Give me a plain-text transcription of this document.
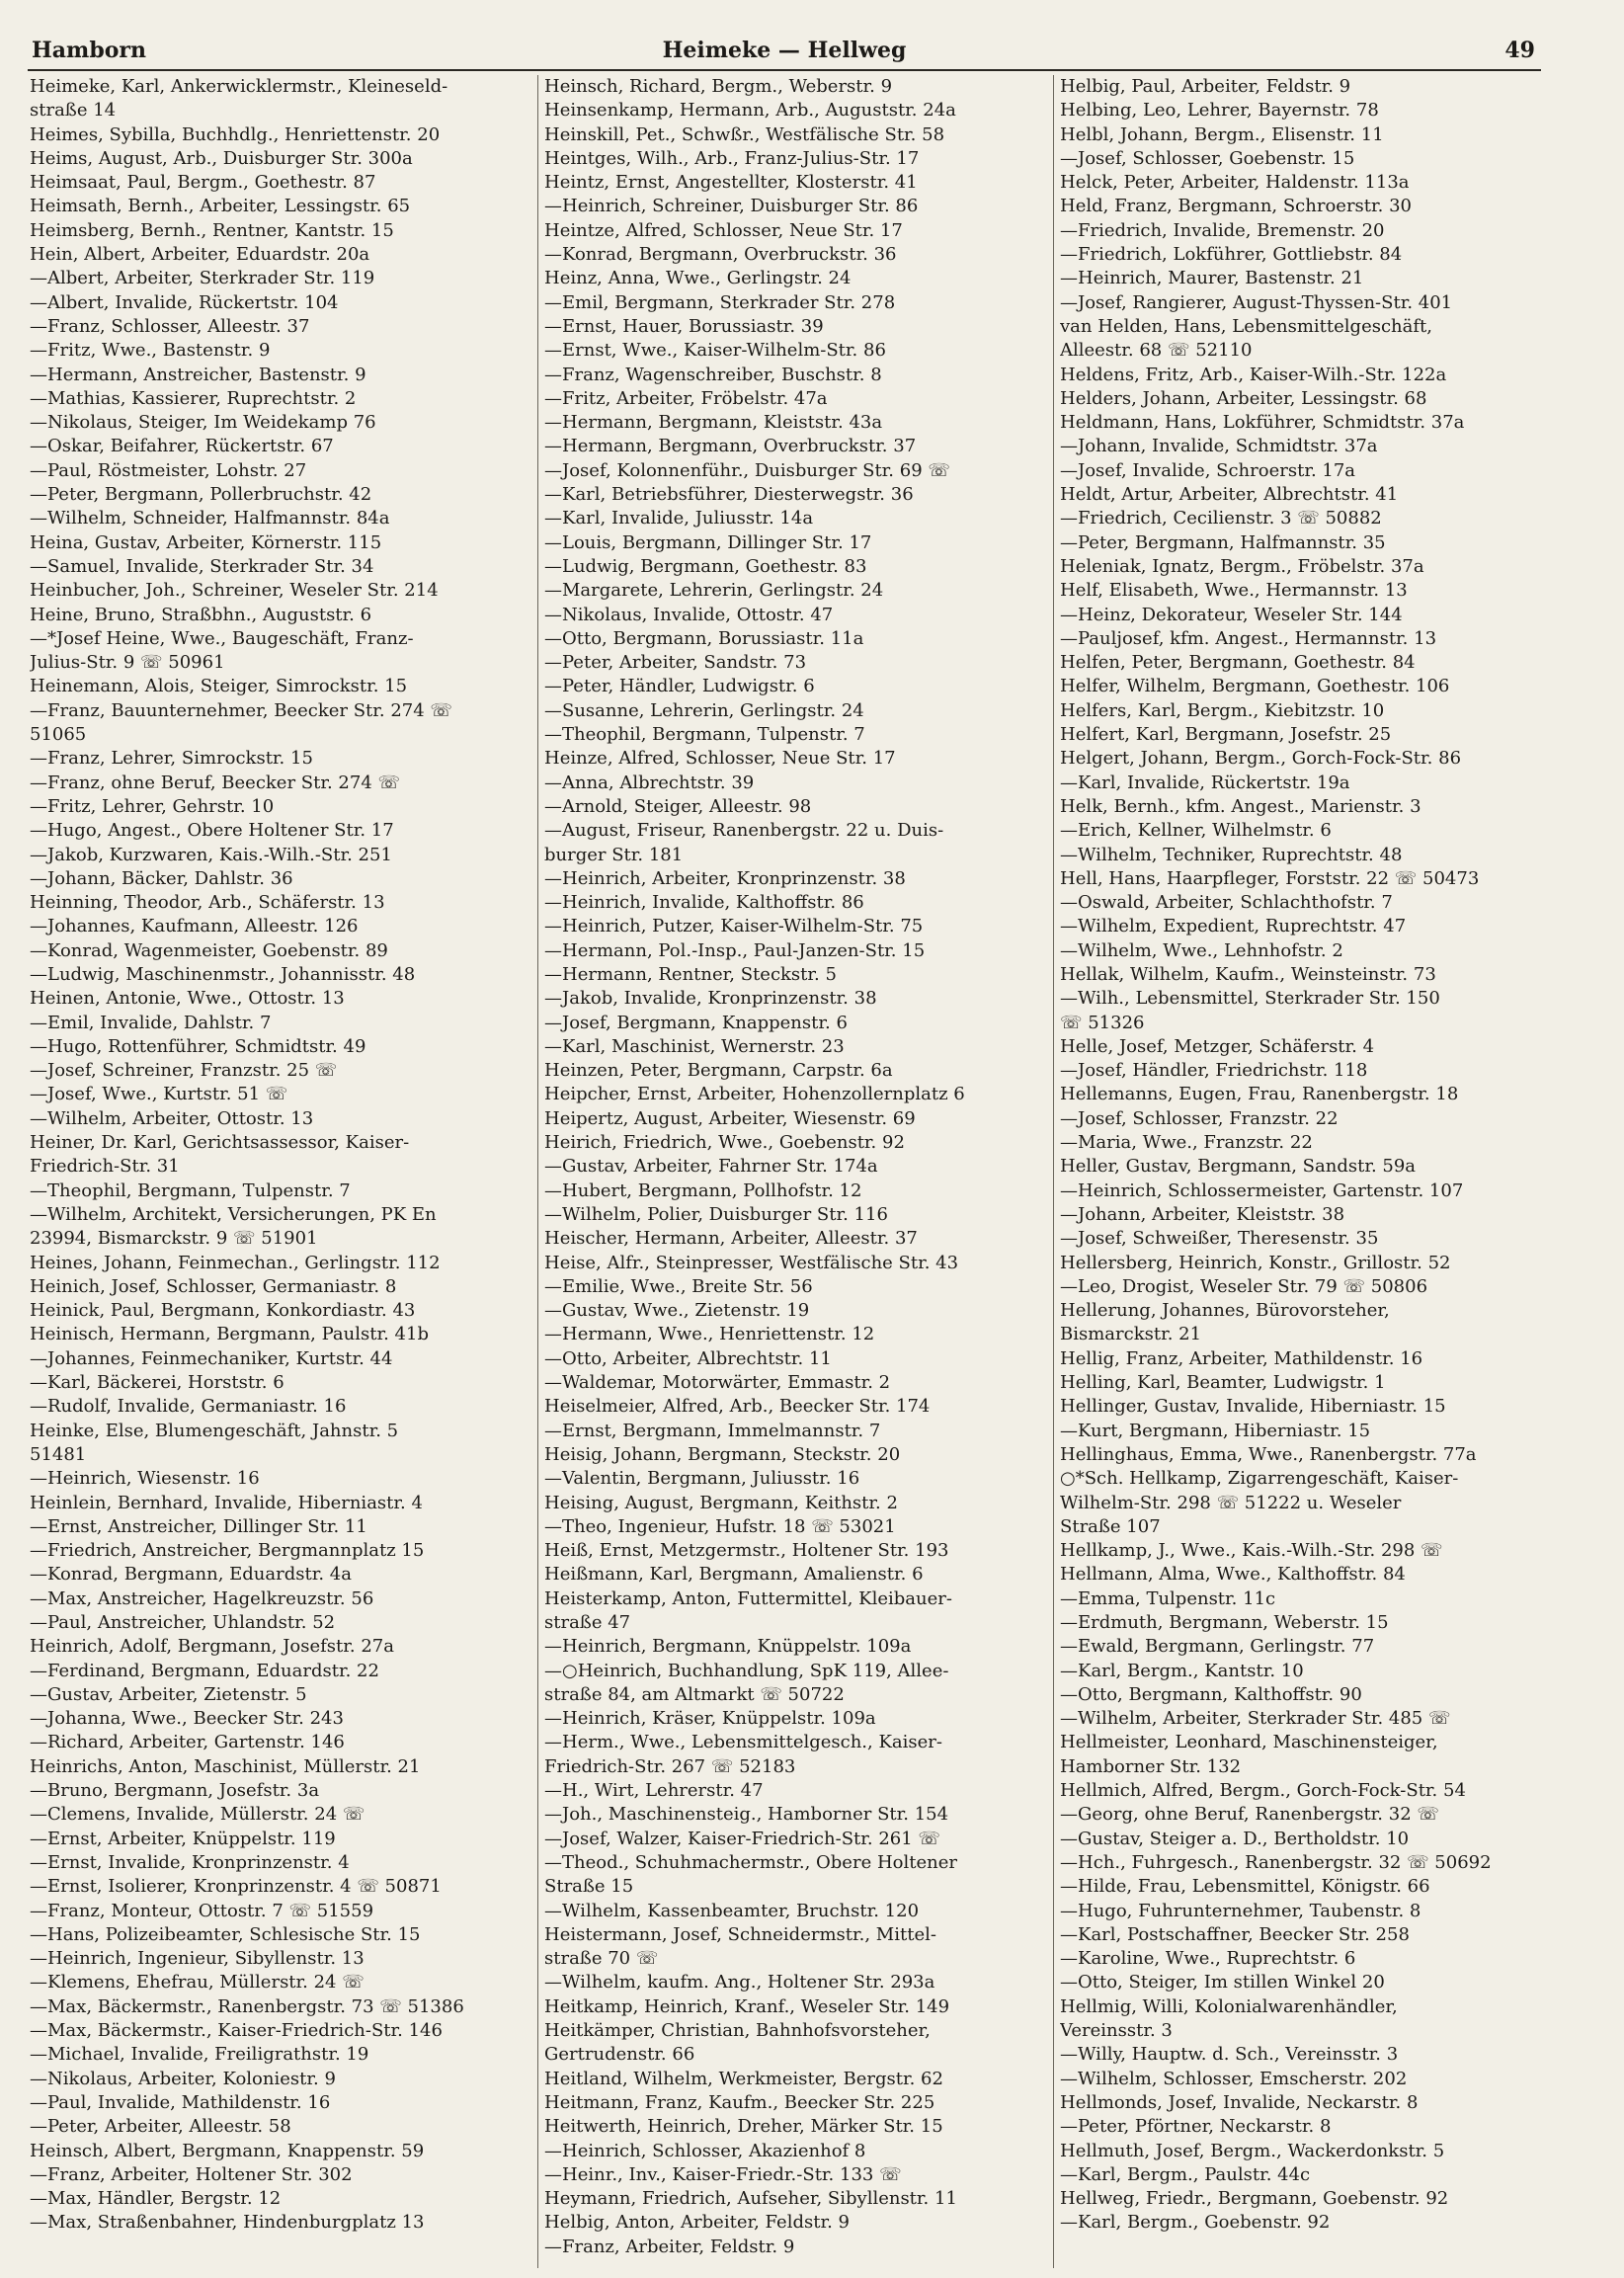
Heimeke — Hellweg
Hamborn	49
Heimeke, Karl, Ankerwicklermstr., Kleineseld-
straße 14
Heimes, Sybilla, Buchhdlg., Henriettenstr. 20
Heims, August, Arb., Duisburger Str. 300a
Heimsaat, Paul, Bergm., Goethestr. 87
Heimsath, Bernh., Arbeiter, Lessingstr. 65
Heimsberg, Bernh., Rentner, Kantstr. 15
Hein, Albert, Arbeiter, Eduardstr. 20a
—Albert, Arbeiter, Sterkrader Str. 119
—Albert, Invalide, Rückertstr. 104
—Franz, Schlosser, Alleestr. 37
—Fritz, Wwe., Bastenstr. 9
—Hermann, Anstreicher, Bastenstr. 9
—Mathias, Kassierer, Ruprechtstr. 2
—Nikolaus, Steiger, Im Weidekamp 76
—Oskar, Beifahrer, Rückertstr. 67
—Paul, Röstmeister, Lohstr. 27
—Peter, Bergmann, Pollerbruchstr. 42
—Wilhelm, Schneider, Halfmannstr. 84a
Heina, Gustav, Arbeiter, Körnerstr. 115
—Samuel, Invalide, Sterkrader Str. 34
Heinbucher, Joh., Schreiner, Weseler Str. 214
Heine, Bruno, Straßbhn., Auguststr. 6
—*Josef Heine, Wwe., Baugeschäft, Franz-
Julius-Str. 9 ☏ 50961
Heinemann, Alois, Steiger, Simrockstr. 15
—Franz, Bauunternehmer, Beecker Str. 274 ☏
51065
—Franz, Lehrer, Simrockstr. 15
—Franz, ohne Beruf, Beecker Str. 274 ☏
—Fritz, Lehrer, Gehrstr. 10
—Hugo, Angest., Obere Holtener Str. 17
—Jakob, Kurzwaren, Kais.-Wilh.-Str. 251
—Johann, Bäcker, Dahlstr. 36
Heinning, Theodor, Arb., Schäferstr. 13
—Johannes, Kaufmann, Alleestr. 126
—Konrad, Wagenmeister, Goebenstr. 89
—Ludwig, Maschinenmstr., Johannisstr. 48
Heinen, Antonie, Wwe., Ottostr. 13
—Emil, Invalide, Dahlstr. 7
—Hugo, Rottenführer, Schmidtstr. 49
—Josef, Schreiner, Franzstr. 25 ☏
—Josef, Wwe., Kurtstr. 51 ☏
—Wilhelm, Arbeiter, Ottostr. 13
Heiner, Dr. Karl, Gerichtsassessor, Kaiser-
Friedrich-Str. 31
—Theophil, Bergmann, Tulpenstr. 7
—Wilhelm, Architekt, Versicherungen, PK En
23994, Bismarckstr. 9 ☏ 51901
Heines, Johann, Feinmechan., Gerlingstr. 112
Heinich, Josef, Schlosser, Germaniastr. 8
Heinick, Paul, Bergmann, Konkordiastr. 43
Heinisch, Hermann, Bergmann, Paulstr. 41b
—Johannes, Feinmechaniker, Kurtstr. 44
—Karl, Bäckerei, Horststr. 6
—Rudolf, Invalide, Germaniastr. 16
Heinke, Else, Blumengeschäft, Jahnstr. 5
51481
—Heinrich, Wiesenstr. 16
Heinlein, Bernhard, Invalide, Hiberniastr. 4
—Ernst, Anstreicher, Dillinger Str. 11
—Friedrich, Anstreicher, Bergmannplatz 15
—Konrad, Bergmann, Eduardstr. 4a
—Max, Anstreicher, Hagelkreuzstr. 56
—Paul, Anstreicher, Uhlandstr. 52
Heinrich, Adolf, Bergmann, Josefstr. 27a
—Ferdinand, Bergmann, Eduardstr. 22
—Gustav, Arbeiter, Zietenstr. 5
—Johanna, Wwe., Beecker Str. 243
—Richard, Arbeiter, Gartenstr. 146
Heinrichs, Anton, Maschinist, Müllerstr. 21
—Bruno, Bergmann, Josefstr. 3a
—Clemens, Invalide, Müllerstr. 24 ☏
—Ernst, Arbeiter, Knüppelstr. 119
—Ernst, Invalide, Kronprinzenstr. 4
—Ernst, Isolierer, Kronprinzenstr. 4 ☏ 50871
—Franz, Monteur, Ottostr. 7 ☏ 51559
—Hans, Polizeibeamter, Schlesische Str. 15
—Heinrich, Ingenieur, Sibyllenstr. 13
—Klemens, Ehefrau, Müllerstr. 24 ☏
—Max, Bäckermstr., Ranenbergstr. 73 ☏ 51386
—Max, Bäckermstr., Kaiser-Friedrich-Str. 146
—Michael, Invalide, Freiligrathstr. 19
—Nikolaus, Arbeiter, Koloniestr. 9
—Paul, Invalide, Mathildenstr. 16
—Peter, Arbeiter, Alleestr. 58
Heinsch, Albert, Bergmann, Knappenstr. 59
—Franz, Arbeiter, Holtener Str. 302
—Max, Händler, Bergstr. 12
—Max, Straßenbahner, Hindenburgplatz 13
Heinsch, Richard, Bergm., Weberstr. 9
Heinsenkamp, Hermann, Arb., Auguststr. 24a
Heinskill, Pet., Schwßr., Westfälische Str. 58
Heintges, Wilh., Arb., Franz-Julius-Str. 17
Heintz, Ernst, Angestellter, Klosterstr. 41
—Heinrich, Schreiner, Duisburger Str. 86
Heintze, Alfred, Schlosser, Neue Str. 17
—Konrad, Bergmann, Overbruckstr. 36
Heinz, Anna, Wwe., Gerlingstr. 24
—Emil, Bergmann, Sterkrader Str. 278
—Ernst, Hauer, Borussiastr. 39
—Ernst, Wwe., Kaiser-Wilhelm-Str. 86
—Franz, Wagenschreiber, Buschstr. 8
—Fritz, Arbeiter, Fröbelstr. 47a
—Hermann, Bergmann, Kleiststr. 43a
—Hermann, Bergmann, Overbruckstr. 37
—Josef, Kolonnenführ., Duisburger Str. 69 ☏
—Karl, Betriebsführer, Diesterwegstr. 36
—Karl, Invalide, Juliusstr. 14a
—Louis, Bergmann, Dillinger Str. 17
—Ludwig, Bergmann, Goethestr. 83
—Margarete, Lehrerin, Gerlingstr. 24
—Nikolaus, Invalide, Ottostr. 47
—Otto, Bergmann, Borussiastr. 11a
—Peter, Arbeiter, Sandstr. 73
—Peter, Händler, Ludwigstr. 6
—Susanne, Lehrerin, Gerlingstr. 24
—Theophil, Bergmann, Tulpenstr. 7
Heinze, Alfred, Schlosser, Neue Str. 17
—Anna, Albrechtstr. 39
—Arnold, Steiger, Alleestr. 98
—August, Friseur, Ranenbergstr. 22 u. Duis-
burger Str. 181
—Heinrich, Arbeiter, Kronprinzenstr. 38
—Heinrich, Invalide, Kalthoffstr. 86
—Heinrich, Putzer, Kaiser-Wilhelm-Str. 75
—Hermann, Pol.-Insp., Paul-Janzen-Str. 15
—Hermann, Rentner, Steckstr. 5
—Jakob, Invalide, Kronprinzenstr. 38
—Josef, Bergmann, Knappenstr. 6
—Karl, Maschinist, Wernerstr. 23
Heinzen, Peter, Bergmann, Carpstr. 6a
Heipcher, Ernst, Arbeiter, Hohenzollernplatz 6
Heipertz, August, Arbeiter, Wiesenstr. 69
Heirich, Friedrich, Wwe., Goebenstr. 92
—Gustav, Arbeiter, Fahrner Str. 174a
—Hubert, Bergmann, Pollhofstr. 12
—Wilhelm, Polier, Duisburger Str. 116
Heischer, Hermann, Arbeiter, Alleestr. 37
Heise, Alfr., Steinpresser, Westfälische Str. 43
—Emilie, Wwe., Breite Str. 56
—Gustav, Wwe., Zietenstr. 19
—Hermann, Wwe., Henriettenstr. 12
—Otto, Arbeiter, Albrechtstr. 11
—Waldemar, Motorwärter, Emmastr. 2
Heiselmeier, Alfred, Arb., Beecker Str. 174
—Ernst, Bergmann, Immelmannstr. 7
Heisig, Johann, Bergmann, Steckstr. 20
—Valentin, Bergmann, Juliusstr. 16
Heising, August, Bergmann, Keithstr. 2
—Theo, Ingenieur, Hufstr. 18 ☏ 53021
Heiß, Ernst, Metzgermstr., Holtener Str. 193
Heißmann, Karl, Bergmann, Amalienstr. 6
Heisterkamp, Anton, Futtermittel, Kleibauer-
straße 47
—Heinrich, Bergmann, Knüppelstr. 109a
—○Heinrich, Buchhandlung, SpK 119, Allee-
straße 84, am Altmarkt ☏ 50722
—Heinrich, Kräser, Knüppelstr. 109a
—Herm., Wwe., Lebensmittelgesch., Kaiser-
Friedrich-Str. 267 ☏ 52183
—H., Wirt, Lehrerstr. 47
—Joh., Maschinensteig., Hamborner Str. 154
—Josef, Walzer, Kaiser-Friedrich-Str. 261 ☏
—Theod., Schuhmachermstr., Obere Holtener
Straße 15
—Wilhelm, Kassenbeamter, Bruchstr. 120
Heistermann, Josef, Schneidermstr., Mittel-
straße 70 ☏
—Wilhelm, kaufm. Ang., Holtener Str. 293a
Heitkamp, Heinrich, Kranf., Weseler Str. 149
Heitkämper, Christian, Bahnhofsvorsteher,
Gertrudenstr. 66
Heitland, Wilhelm, Werkmeister, Bergstr. 62
Heitmann, Franz, Kaufm., Beecker Str. 225
Heitwerth, Heinrich, Dreher, Märker Str. 15
—Heinrich, Schlosser, Akazienhof 8
—Heinr., Inv., Kaiser-Friedr.-Str. 133 ☏
Heymann, Friedrich, Aufseher, Sibyllenstr. 11
Helbig, Anton, Arbeiter, Feldstr. 9
—Franz, Arbeiter, Feldstr. 9
Helbig, Paul, Arbeiter, Feldstr. 9
Helbing, Leo, Lehrer, Bayernstr. 78
Helbl, Johann, Bergm., Elisenstr. 11
—Josef, Schlosser, Goebenstr. 15
Helck, Peter, Arbeiter, Haldenstr. 113a
Held, Franz, Bergmann, Schroerstr. 30
—Friedrich, Invalide, Bremenstr. 20
—Friedrich, Lokführer, Gottliebstr. 84
—Heinrich, Maurer, Bastenstr. 21
—Josef, Rangierer, August-Thyssen-Str. 401
van Helden, Hans, Lebensmittelgeschäft,
Alleestr. 68 ☏ 52110
Heldens, Fritz, Arb., Kaiser-Wilh.-Str. 122a
Helders, Johann, Arbeiter, Lessingstr. 68
Heldmann, Hans, Lokführer, Schmidtstr. 37a
—Johann, Invalide, Schmidtstr. 37a
—Josef, Invalide, Schroerstr. 17a
Heldt, Artur, Arbeiter, Albrechtstr. 41
—Friedrich, Cecilienstr. 3 ☏ 50882
—Peter, Bergmann, Halfmannstr. 35
Heleniak, Ignatz, Bergm., Fröbelstr. 37a
Helf, Elisabeth, Wwe., Hermannstr. 13
—Heinz, Dekorateur, Weseler Str. 144
—Pauljosef, kfm. Angest., Hermannstr. 13
Helfen, Peter, Bergmann, Goethestr. 84
Helfer, Wilhelm, Bergmann, Goethestr. 106
Helfers, Karl, Bergm., Kiebitzstr. 10
Helfert, Karl, Bergmann, Josefstr. 25
Helgert, Johann, Bergm., Gorch-Fock-Str. 86
—Karl, Invalide, Rückertstr. 19a
Helk, Bernh., kfm. Angest., Marienstr. 3
—Erich, Kellner, Wilhelmstr. 6
—Wilhelm, Techniker, Ruprechtstr. 48
Hell, Hans, Haarpfleger, Forststr. 22 ☏ 50473
—Oswald, Arbeiter, Schlachthofstr. 7
—Wilhelm, Expedient, Ruprechtstr. 47
—Wilhelm, Wwe., Lehnhofstr. 2
Hellak, Wilhelm, Kaufm., Weinsteinstr. 73
—Wilh., Lebensmittel, Sterkrader Str. 150
☏ 51326
Helle, Josef, Metzger, Schäferstr. 4
—Josef, Händler, Friedrichstr. 118
Hellemanns, Eugen, Frau, Ranenbergstr. 18
—Josef, Schlosser, Franzstr. 22
—Maria, Wwe., Franzstr. 22
Heller, Gustav, Bergmann, Sandstr. 59a
—Heinrich, Schlossermeister, Gartenstr. 107
—Johann, Arbeiter, Kleiststr. 38
—Josef, Schweißer, Theresenstr. 35
Hellersberg, Heinrich, Konstr., Grillostr. 52
—Leo, Drogist, Weseler Str. 79 ☏ 50806
Hellerung, Johannes, Bürovorsteher,
Bismarckstr. 21
Hellig, Franz, Arbeiter, Mathildenstr. 16
Helling, Karl, Beamter, Ludwigstr. 1
Hellinger, Gustav, Invalide, Hiberniastr. 15
—Kurt, Bergmann, Hiberniastr. 15
Hellinghaus, Emma, Wwe., Ranenbergstr. 77a
○*Sch. Hellkamp, Zigarrengeschäft, Kaiser-
Wilhelm-Str. 298 ☏ 51222 u. Weseler
Straße 107
Hellkamp, J., Wwe., Kais.-Wilh.-Str. 298 ☏
Hellmann, Alma, Wwe., Kalthoffstr. 84
—Emma, Tulpenstr. 11c
—Erdmuth, Bergmann, Weberstr. 15
—Ewald, Bergmann, Gerlingstr. 77
—Karl, Bergm., Kantstr. 10
—Otto, Bergmann, Kalthoffstr. 90
—Wilhelm, Arbeiter, Sterkrader Str. 485 ☏
Hellmeister, Leonhard, Maschinensteiger,
Hamborner Str. 132
Hellmich, Alfred, Bergm., Gorch-Fock-Str. 54
—Georg, ohne Beruf, Ranenbergstr. 32 ☏
—Gustav, Steiger a. D., Bertholdstr. 10
—Hch., Fuhrgesch., Ranenbergstr. 32 ☏ 50692
—Hilde, Frau, Lebensmittel, Königstr. 66
—Hugo, Fuhrunternehmer, Taubenstr. 8
—Karl, Postschaffner, Beecker Str. 258
—Karoline, Wwe., Ruprechtstr. 6
—Otto, Steiger, Im stillen Winkel 20
Hellmig, Willi, Kolonialwarenhändler,
Vereinsstr. 3
—Willy, Hauptw. d. Sch., Vereinsstr. 3
—Wilhelm, Schlosser, Emscherstr. 202
Hellmonds, Josef, Invalide, Neckarstr. 8
—Peter, Pförtner, Neckarstr. 8
Hellmuth, Josef, Bergm., Wackerdonkstr. 5
—Karl, Bergm., Paulstr. 44c
Hellweg, Friedr., Bergmann, Goebenstr. 92
—Karl, Bergm., Goebenstr. 92
